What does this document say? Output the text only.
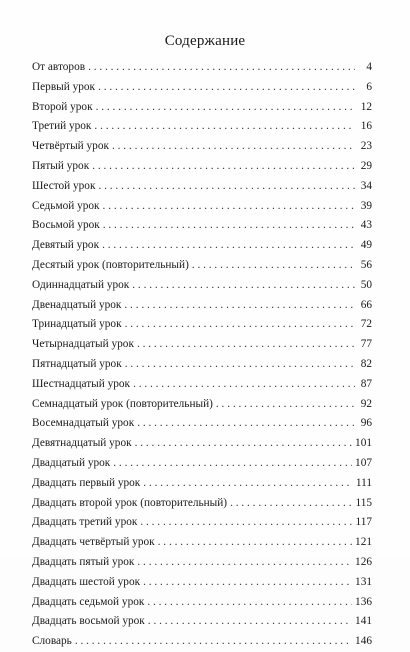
Содержание
От авторов . . .	4
Первый урок . . .	6
Второй урок . . .	12
Третий урок . . .	16
Четвёртый урок . . .	23
Пятый урок . . .	29
Шестой урок . . .	34
Седьмой урок . . .	39
Восьмой урок . . .	43
Девятый урок . . .	49
Десятый урок (повторительный) . . .	56
Одиннадцатый урок . . .	50
Двенадцатый урок . . .	66
Тринадцатый урок . . .	72
Четырнадцатый урок . . .	77
Пятнадцатый урок . . .	82
Шестнадцатый урок . . .	87
Семнадцатый урок (повторительный) . . .	92
Восемнадцатый урок . . .	96
Девятнадцатый урок . . .	101
Двадцатый урок . . .	107
Двадцать первый урок . . .	111
Двадцать второй урок (повторительный) . . .	115
Двадцать третий урок . . .	117
Двадцать четвёртый урок . . .	121
Двадцать пятый урок . . .	126
Двадцать шестой урок . . .	131
Двадцать седьмой урок . . .	136
Двадцать восьмой урок . . .	141
Словарь . . .	146
